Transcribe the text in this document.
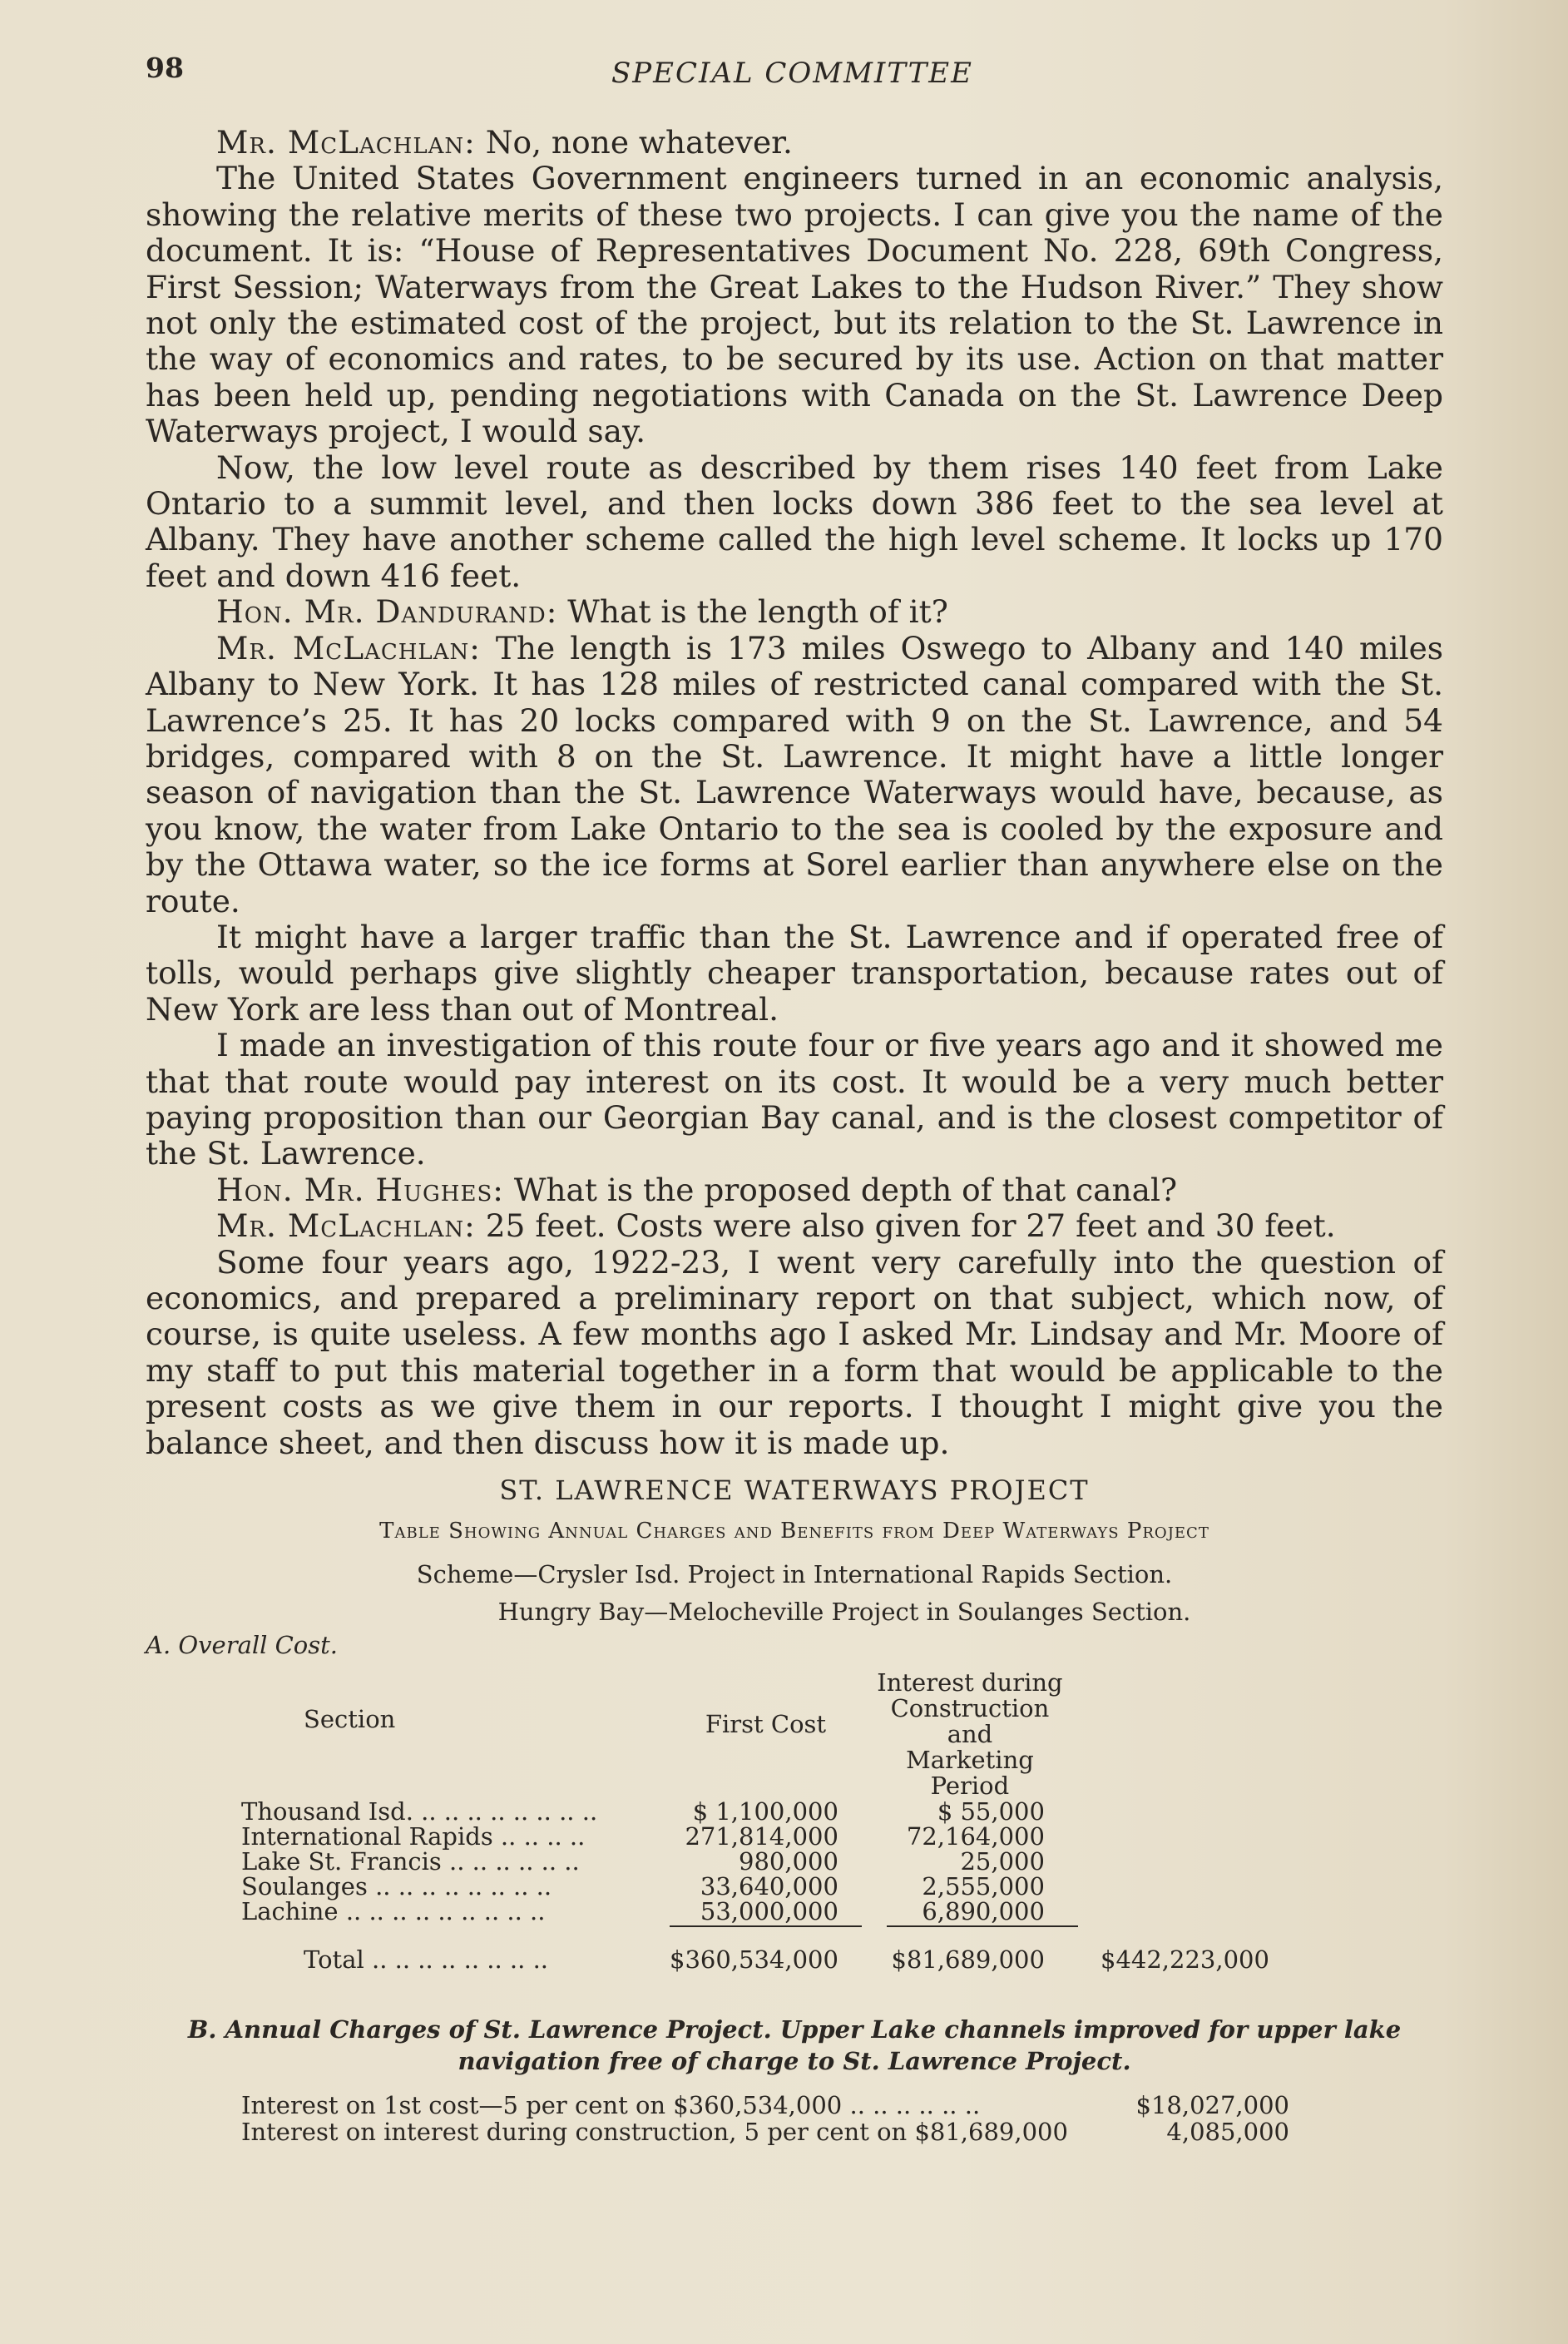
98	SPECIAL COMMITTEE

Mr. McLachlan: No, none whatever.

The United States Government engineers turned in an economic analysis, showing the relative merits of these two projects. I can give you the name of the document. It is: “House of Representatives Document No. 228, 69th Congress, First Session; Waterways from the Great Lakes to the Hudson River.” They show not only the estimated cost of the project, but its relation to the St. Lawrence in the way of economics and rates, to be secured by its use. Action on that matter has been held up, pending negotiations with Canada on the St. Lawrence Deep Waterways project, I would say.

Now, the low level route as described by them rises 140 feet from Lake Ontario to a summit level, and then locks down 386 feet to the sea level at Albany. They have another scheme called the high level scheme. It locks up 170 feet and down 416 feet.

Hon. Mr. Dandurand: What is the length of it?

Mr. McLachlan: The length is 173 miles Oswego to Albany and 140 miles Albany to New York. It has 128 miles of restricted canal compared with the St. Lawrence’s 25. It has 20 locks compared with 9 on the St. Lawrence, and 54 bridges, compared with 8 on the St. Lawrence. It might have a little longer season of navigation than the St. Lawrence Waterways would have, because, as you know, the water from Lake Ontario to the sea is cooled by the exposure and by the Ottawa water, so the ice forms at Sorel earlier than anywhere else on the route.

It might have a larger traffic than the St. Lawrence and if operated free of tolls, would perhaps give slightly cheaper transportation, because rates out of New York are less than out of Montreal.

I made an investigation of this route four or five years ago and it showed me that that route would pay interest on its cost. It would be a very much better paying proposition than our Georgian Bay canal, and is the closest competitor of the St. Lawrence.

Hon. Mr. Hughes: What is the proposed depth of that canal?

Mr. McLachlan: 25 feet. Costs were also given for 27 feet and 30 feet.

Some four years ago, 1922-23, I went very carefully into the question of economics, and prepared a preliminary report on that subject, which now, of course, is quite useless. A few months ago I asked Mr. Lindsay and Mr. Moore of my staff to put this material together in a form that would be applicable to the present costs as we give them in our reports. I thought I might give you the balance sheet, and then discuss how it is made up.

ST. LAWRENCE WATERWAYS PROJECT
Table Showing Annual Charges and Benefits from Deep Waterways Project
Scheme—Crysler Isd. Project in International Rapids Section.
Hungry Bay—Melocheville Project in Soulanges Section.
A. Overall Cost.
Section	First Cost	Interest during
Construction
and
Marketing
Period	

Thousand Isd. .. .. .. .. .. .. .. ..	$ 1,100,000	$ 55,000	
International Rapids .. .. .. ..	271,814,000	72,164,000	
Lake St. Francis .. .. .. .. .. ..	980,000	25,000	
Soulanges .. .. .. .. .. .. .. ..	33,640,000	2,555,000	
Lachine .. .. .. .. .. .. .. .. ..	53,000,000	6,890,000	

Total .. .. .. .. .. .. .. ..	$360,534,000	$81,689,000	$442,223,000
B. Annual Charges of St. Lawrence Project. Upper Lake channels improved for upper lake navigation free of charge to St. Lawrence Project.
Interest on 1st cost—5 per cent on $360,534,000 .. .. .. .. .. ..	$18,027,000
Interest on interest during construction, 5 per cent on $81,689,000	4,085,000
